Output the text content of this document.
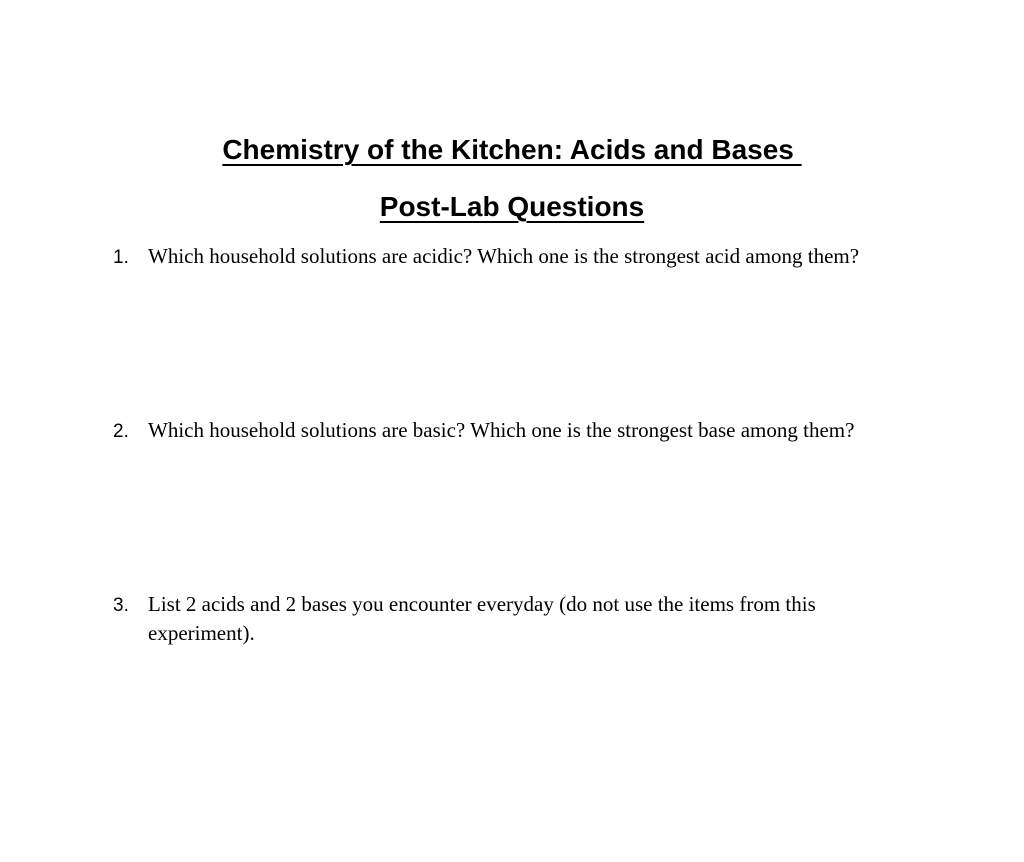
Chemistry of the Kitchen: Acids and Bases
Post-Lab Questions
1. Which household solutions are acidic? Which one is the strongest acid among them?
2. Which household solutions are basic? Which one is the strongest base among them?
3. List 2 acids and 2 bases you encounter everyday (do not use the items from this experiment).
